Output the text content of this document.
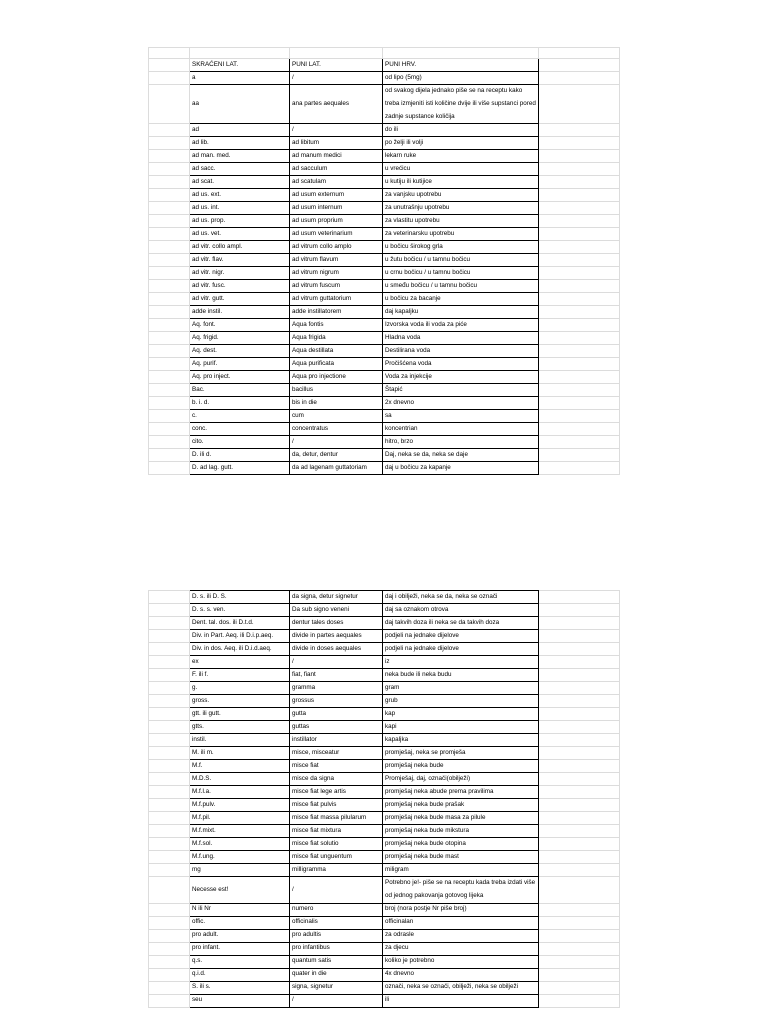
	SKRAĆENI LAT.	PUNI LAT.	PUNI HRV.	
	a	/	od lipo (5mg)	
	aa	ana partes aequales	od svakog dijela jednako piše se na receptu kako treba izmjeniti isti količine dvije ili više supstanci pored zadnje supstance količija	
	ad	/	do ili	
	ad lib.	ad libitum	po želji ili volji	
	ad man. med.	ad manum medici	lekarn ruke	
	ad sacc.	ad sacculum	u vrećicu	
	ad scat.	ad scatulam	u kutiju ili kutijice	
	ad us. ext.	ad usum externum	za vanjsku upotrebu	
	ad us. int.	ad usum internum	za unutrašnju upotrebu	
	ad us. prop.	ad usum proprium	za vlastitu upotrebu	
	ad us. vet.	ad usum veterinarium	za veterinarsku upotrebu	
	ad vitr. collo ampl.	ad vitrum collo amplo	u bočicu širokog grla	
	ad vitr. flav.	ad vitrum flavum	u žutu bočicu / u tamnu bočicu	
	ad vitr. nigr.	ad vitrum nigrum	u crnu bočicu / u tamnu bočicu	
	ad vitr. fusc.	ad vitrum fuscum	u smeđu bočicu / u tamnu bočicu	
	ad vitr. gutt.	ad vitrum guttatorium	u bočicu za bacanje	
	adde instil.	adde instillatorem	daj kapaljku	
	Aq. font.	Aqua fontis	Izvorska voda ili voda za piće	
	Aq. frigid.	Aqua frigida	Hladna voda	
	Aq. dest.	Aqua destillata	Destilirana voda	
	Aq. purif.	Aqua purificata	Pročišćena voda	
	Aq. pro inject.	Aqua pro injectione	Voda za injekcije	
	Bac.	bacillus	Štapić	
	b. i. d.	bis in die	2x dnevno	
	c.	cum	sa	
	conc.	concentratus	koncentrian	
	cito.	/	hitro, brzo	
	D. ili d.	da, detur, dentur	Daj, neka se da, neka se daje	
	D. ad lag. gutt.	da ad lagenam guttatoriam	daj u bočicu za kapanje	
	D. s. ili D. S.	da signa, detur signetur	daj i obilježi, neka se da, neka se označi	
	D. s. s. ven.	Da sub signo veneni	daj sa oznakom otrova	
	Dent. tal. dos. ili D.t.d.	dentur tales doses	daj takvih doza ili neka se da takvih doza	
	Div. in Part. Aeq. ili D.i.p.aeq.	divide in partes aequales	podjeli na jednake dijelove	
	Div. in dos. Aeq. ili D.i.d.aeq.	divide in doses aequales	podjeli na jednake dijelove	
	ex	/	iz	
	F. ili f.	fiat, fiant	neka bude ili neka budu	
	g.	gramma	gram	
	gross.	grossus	grub	
	gtt. ili gutt.	gutta	kap	
	gtts.	guttas	kapi	
	instil.	instillator	kapaljka	
	M. ili m.	misce, misceatur	promješaj, neka se promješa	
	M.f.	misce fiat	promješaj neka bude	
	M.D.S.	misce da signa	Promješaj, daj, označi(obilježi)	
	M.f.l.a.	misce fiat lege artis	promješaj neka abude prema pravilima	
	M.f.pulv.	misce fiat pulvis	promješaj neka bude prašak	
	M.f.pil.	misce fiat massa pilularum	promješaj neka bude masa za pilule	
	M.f.mixt.	misce fiat mixtura	promješaj neka bude mikstura	
	M.f.sol.	misce fiat solutio	promješaj neka bude otopina	
	M.f.ung.	misce fiat unguentum	promješaj neka bude mast	
	mg	milligramma	miligram	
	Necesse est!	/	Potrebno je!- piše se na receptu kada treba izdati više od jednog pakovanja gotovog lijeka	
	N ili Nr	numero	broj (nora postje Nr piše broj)	
	offic.	officinalis	officinalan	
	pro adult.	pro adultis	za odrasle	
	pro infant.	pro infantibus	za djecu	
	q.s.	quantum satis	koliko je potrebno	
	q.i.d.	quater in die	4x dnevno	
	S. ili s.	signa, signetur	označi, neka se označi, obilježi, neka se obilježi	
	seu	/	ili	
